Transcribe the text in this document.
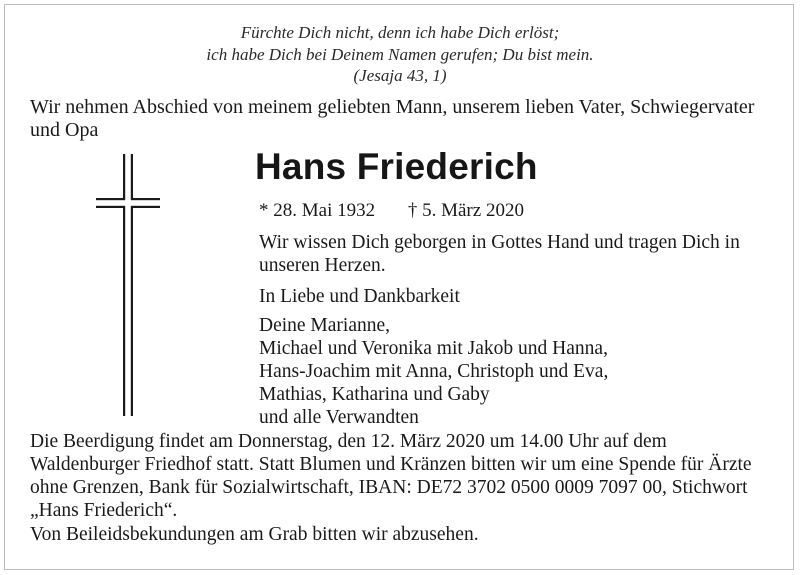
Fürchte Dich nicht, denn ich habe Dich erlöst;
ich habe Dich bei Deinem Namen gerufen; Du bist mein.
(Jesaja 43, 1)
Wir nehmen Abschied von meinem geliebten Mann, unserem lieben Vater, Schwiegervater und Opa
Hans Friederich
* 28. Mai 1932 † 5. März 2020
Wir wissen Dich geborgen in Gottes Hand und tragen Dich in unseren Herzen.
In Liebe und Dankbarkeit
Deine Marianne,
Michael und Veronika mit Jakob und Hanna,
Hans-Joachim mit Anna, Christoph und Eva,
Mathias, Katharina und Gaby
und alle Verwandten
Die Beerdigung findet am Donnerstag, den 12. März 2020 um 14.00 Uhr auf dem Waldenburger Friedhof statt. Statt Blumen und Kränzen bitten wir um eine Spende für Ärzte ohne Grenzen, Bank für Sozialwirtschaft, IBAN: DE72 3702 0500 0009 7097 00, Stichwort „Hans Friederich“.
Von Beileidsbekundungen am Grab bitten wir abzusehen.
